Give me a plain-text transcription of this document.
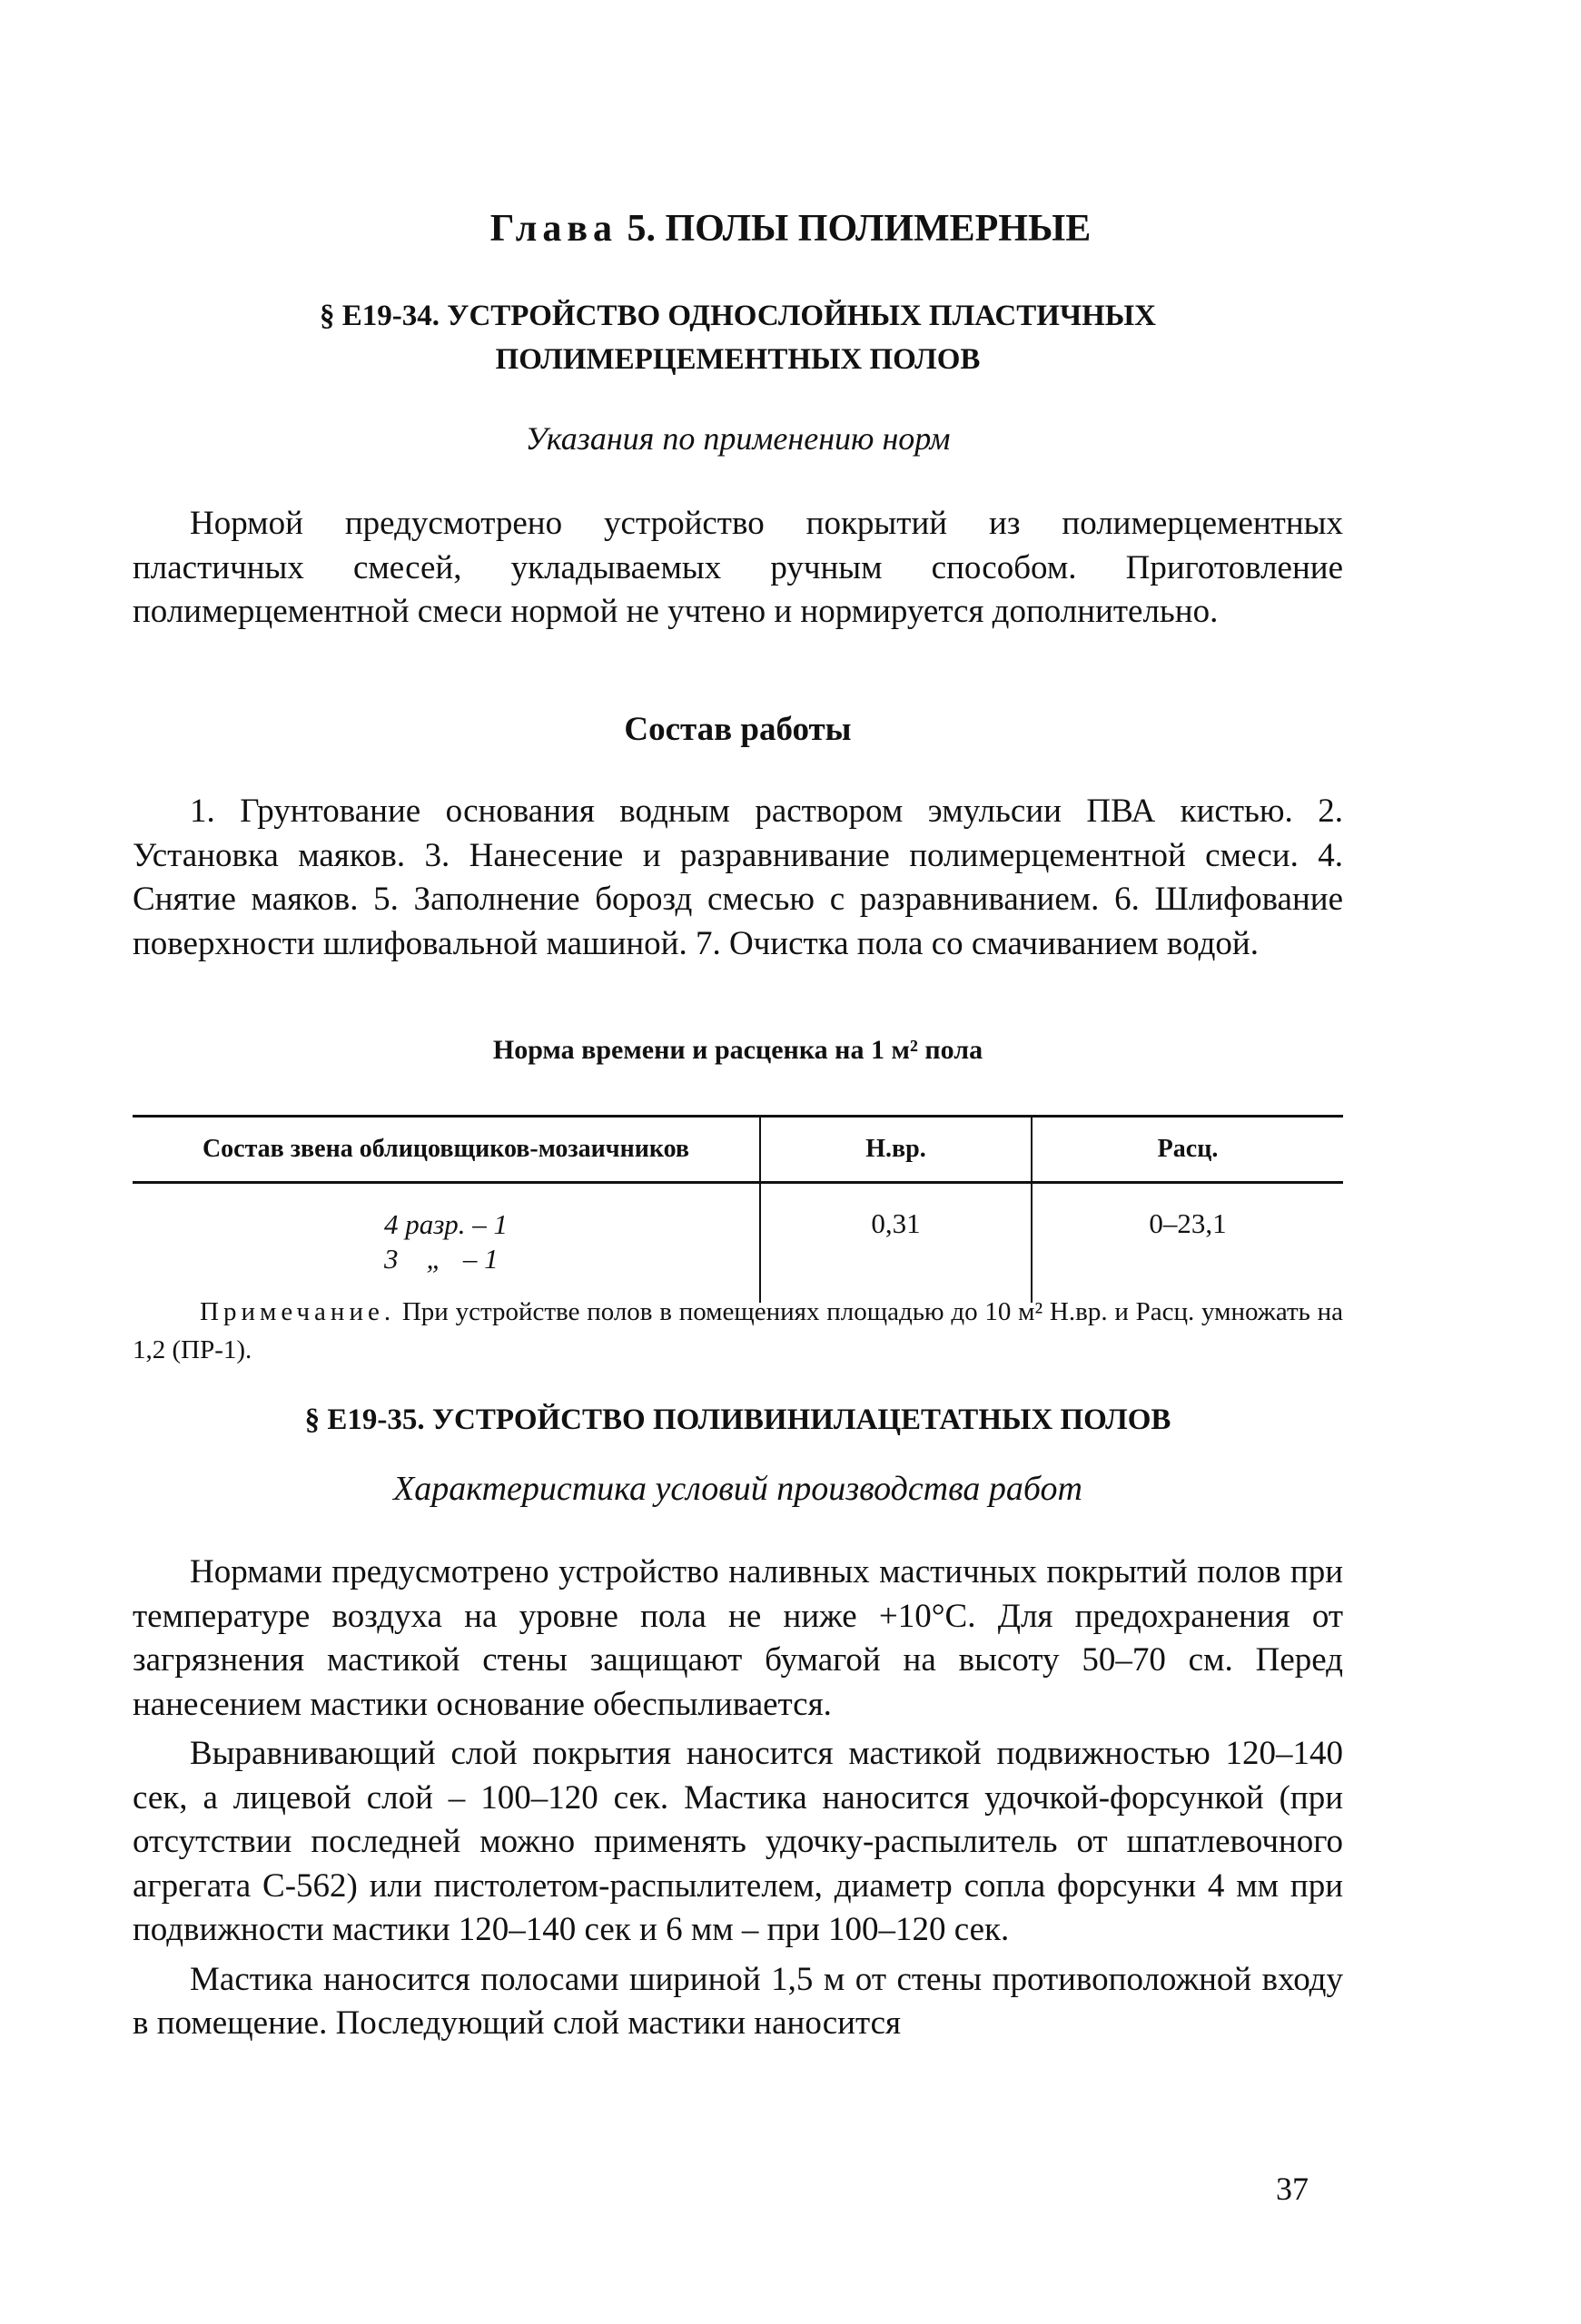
Глава 5. ПОЛЫ ПОЛИМЕРНЫЕ
§ Е19-34. УСТРОЙСТВО ОДНОСЛОЙНЫХ ПЛАСТИЧНЫХ
ПОЛИМЕРЦЕМЕНТНЫХ ПОЛОВ
Указания по применению норм

Нормой предусмотрено устройство покрытий из полимерцементных пластичных смесей, укладываемых ручным способом. Приготовление полимерцементной смеси нормой не учтено и нормируется дополнительно.

Состав работы

1. Грунтование основания водным раствором эмульсии ПВА кистью. 2. Установка маяков. 3. Нанесение и разравнивание полимерцементной смеси. 4. Снятие маяков. 5. Заполнение борозд смесью с разравниванием. 6. Шлифование поверхности шлифовальной машиной. 7. Очистка пола со смачиванием водой.

Норма времени и расценка на 1 м² пола
Состав звена облицовщиков-мозаичников	Н.вр.	Расц.

4 разр. – 1
3    „   – 1	0,31	0–23,1

Примечание. При устройстве полов в помещениях площадью до 10 м² Н.вр. и Расц. умножать на 1,2 (ПР-1).

§ Е19-35. УСТРОЙСТВО ПОЛИВИНИЛАЦЕТАТНЫХ ПОЛОВ
Характеристика условий производства работ

Нормами предусмотрено устройство наливных мастичных покрытий полов при температуре воздуха на уровне пола не ниже +10°С. Для предохранения от загрязнения мастикой стены защищают бумагой на высоту 50–70 см. Перед нанесением мастики основание обеспыливается.

Выравнивающий слой покрытия наносится мастикой подвижностью 120–140 сек, а лицевой слой – 100–120 сек. Мастика наносится удочкой-форсункой (при отсутствии последней можно применять удочку-распылитель от шпатлевочного агрегата С-562) или пистолетом-распылителем, диаметр сопла форсунки 4 мм при подвижности мастики 120–140 сек и 6 мм – при 100–120 сек.

Мастика наносится полосами шириной 1,5 м от стены противоположной входу в помещение. Последующий слой мастики наносится

37
